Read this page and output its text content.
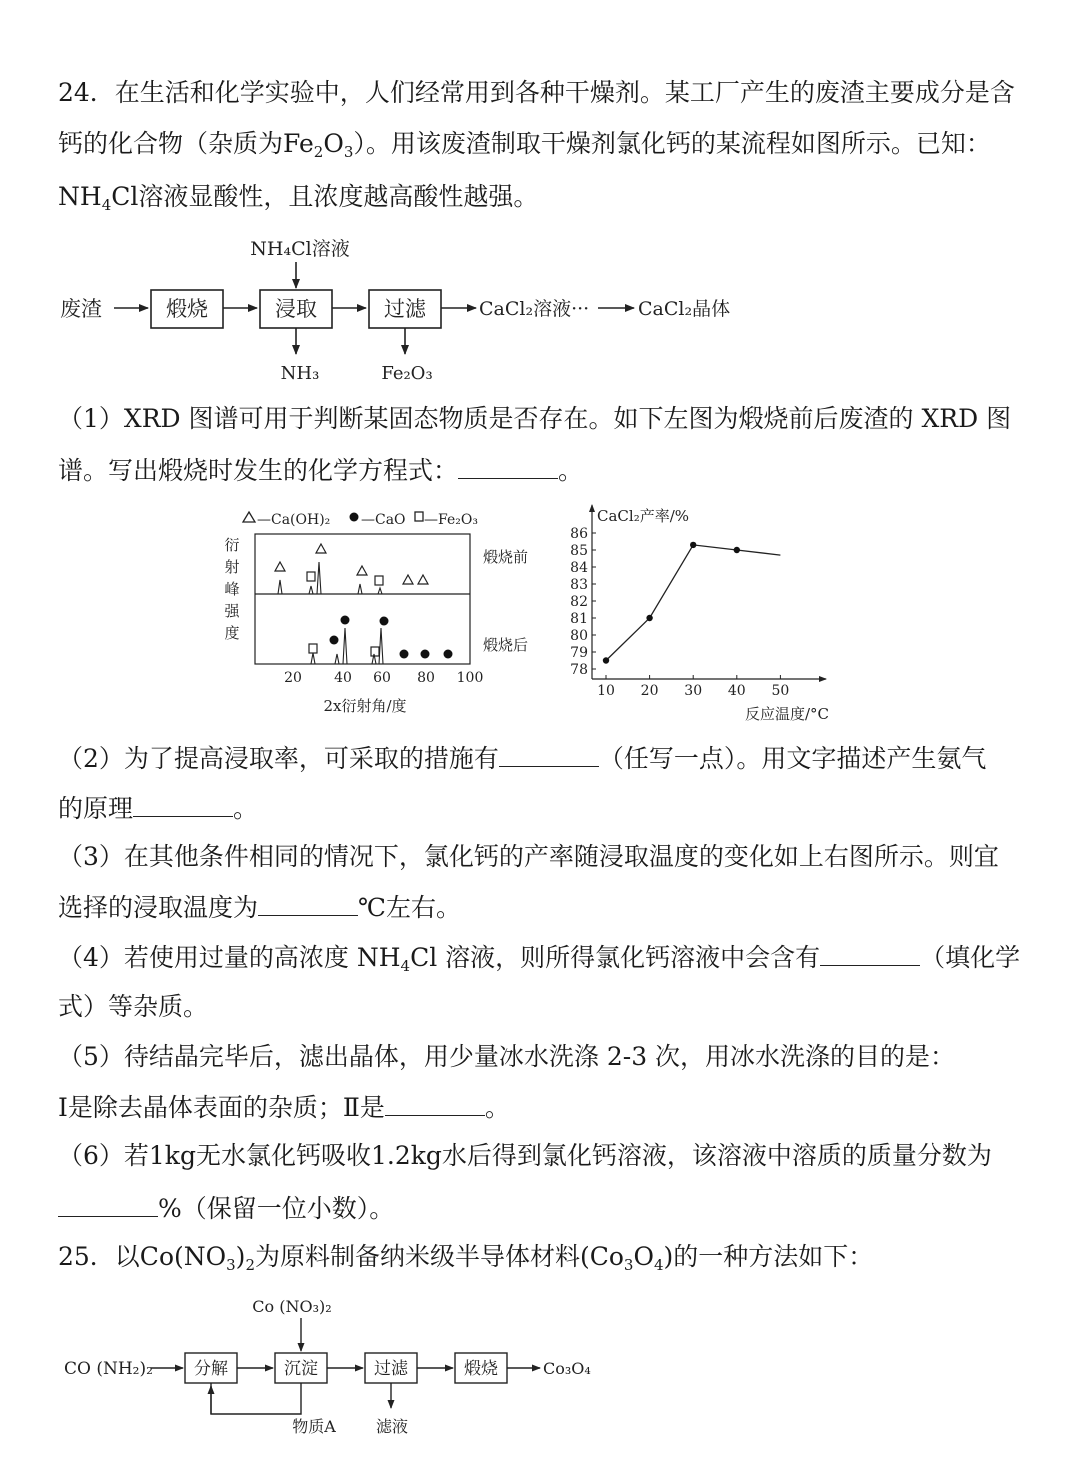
24．在生活和化学实验中，人们经常用到各种干燥剂。某工厂产生的废渣主要成分是含
钙的化合物（杂质为$Fe_2O_3$）。用该废渣制取干燥剂氯化钙的某流程如图所示。已知：
$NH_4Cl$溶液显酸性，且浓度越高酸性越强。
废渣	煅烧	浸取
NH₄Cl溶液
NH₃
过滤
Fe₂O₃
CaCl₂溶液···	CaCl₂晶体
（1）XRD 图谱可用于判断某固态物质是否存在。如下左图为煅烧前后废渣的 XRD 图
谱。写出煅烧时发生的化学方程式：	。
—Ca(OH)₂ —CaO —Fe₂O₃
衍
射
峰
强
度
煅烧前
煅烧后
20 40 60 80 100
2x衍射角/度
CaCl₂产率/%
反应温度/°C
78
79
80
81
82
83
84
85
86
10 20 30 40 50
（2）为了提高浸取率，可采取的措施有	（任写一点）。用文字描述产生氨气
的原理	。
（3）在其他条件相同的情况下，氯化钙的产率随浸取温度的变化如上右图所示。则宜
选择的浸取温度为	℃左右。
（4）若使用过量的高浓度 $NH_4Cl$ 溶液，则所得氯化钙溶液中会含有	（填化学
式）等杂质。
（5）待结晶完毕后，滤出晶体，用少量冰水洗涤 2-3 次，用冰水洗涤的目的是：
Ⅰ是除去晶体表面的杂质；Ⅱ是	。
（6）若1kg无水氯化钙吸收1.2kg水后得到氯化钙溶液，该溶液中溶质的质量分数为
%（保留一位小数）。
25．以$Co(NO_3)_2$为原料制备纳米级半导体材料$(Co_3O_4)$的一种方法如下：
CO (NH₂)₂ 分解	沉淀
Co (NO₃)₂
过滤	煅烧	Co₃O₄
物质A	滤液
